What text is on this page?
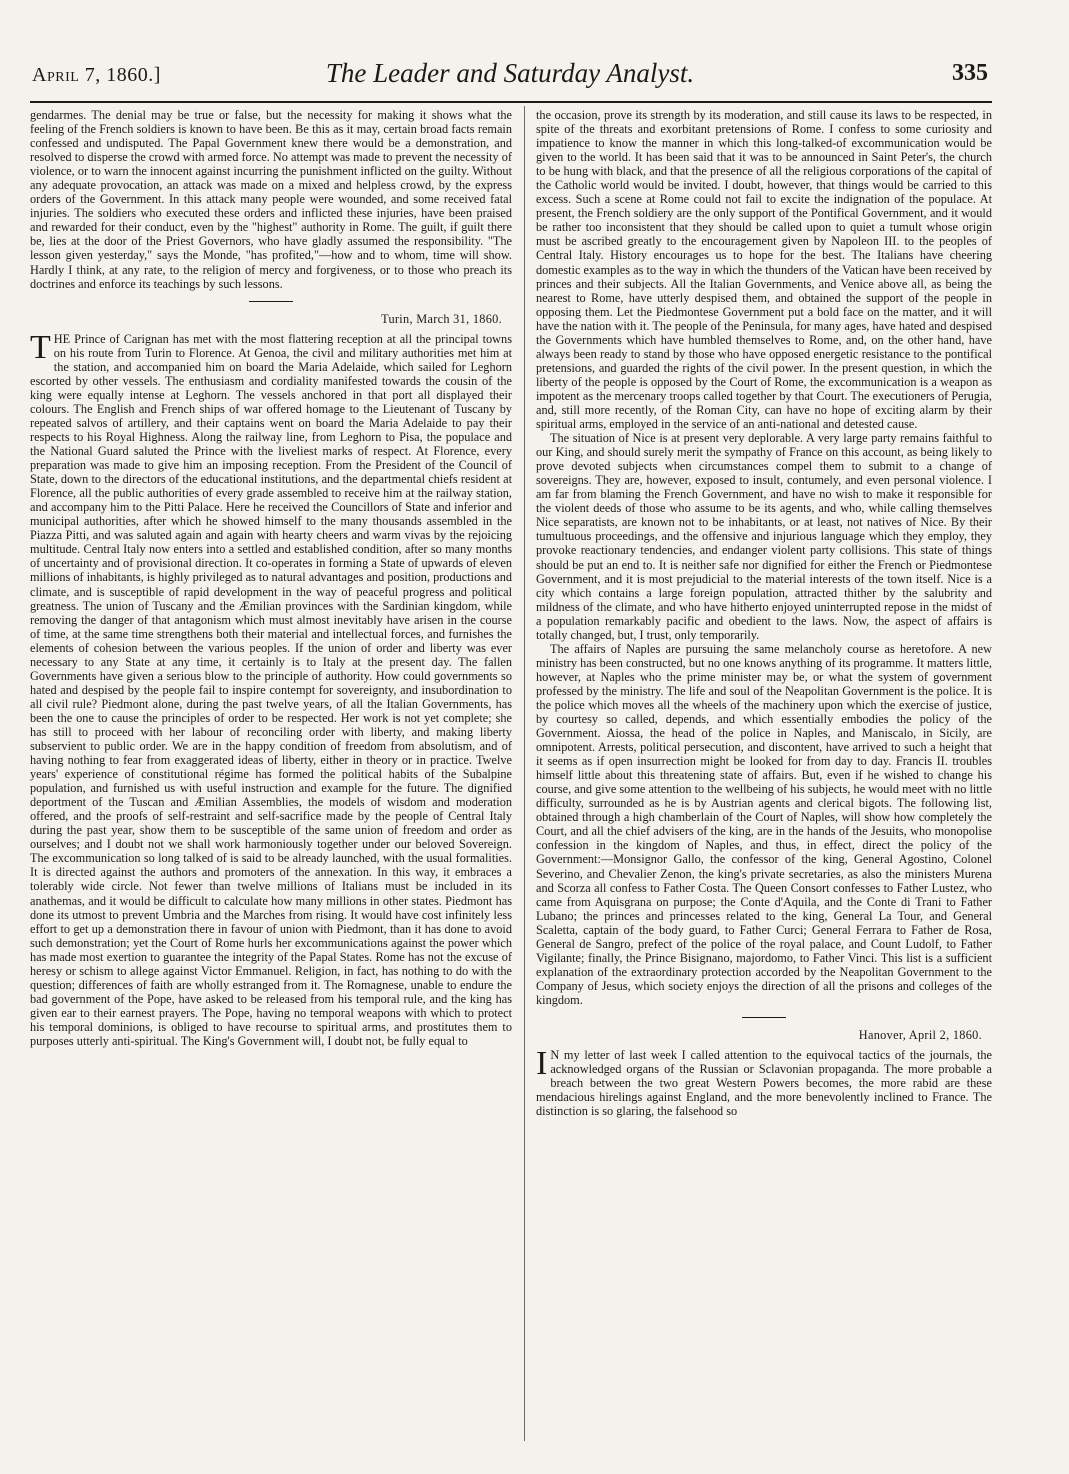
April 7, 1860.]	The Leader and Saturday Analyst.	335

gendarmes. The denial may be true or false, but the necessity for making it shows what the feeling of the French soldiers is known to have been. Be this as it may, certain broad facts remain confessed and undisputed. The Papal Government knew there would be a demonstration, and resolved to disperse the crowd with armed force. No attempt was made to prevent the necessity of violence, or to warn the innocent against incurring the punishment inflicted on the guilty. Without any adequate provocation, an attack was made on a mixed and helpless crowd, by the express orders of the Government. In this attack many people were wounded, and some received fatal injuries. The soldiers who executed these orders and inflicted these injuries, have been praised and rewarded for their conduct, even by the "highest" authority in Rome. The guilt, if guilt there be, lies at the door of the Priest Governors, who have gladly assumed the responsibility. "The lesson given yesterday," says the Monde, "has profited,"—how and to whom, time will show. Hardly I think, at any rate, to the religion of mercy and forgiveness, or to those who preach its doctrines and enforce its teachings by such lessons.

Turin, March 31, 1860.

THE Prince of Carignan has met with the most flattering reception at all the principal towns on his route from Turin to Florence. At Genoa, the civil and military authorities met him at the station, and accompanied him on board the Maria Adelaide, which sailed for Leghorn escorted by other vessels. The enthusiasm and cordiality manifested towards the cousin of the king were equally intense at Leghorn. The vessels anchored in that port all displayed their colours. The English and French ships of war offered homage to the Lieutenant of Tuscany by repeated salvos of artillery, and their captains went on board the Maria Adelaide to pay their respects to his Royal Highness. Along the railway line, from Leghorn to Pisa, the populace and the National Guard saluted the Prince with the liveliest marks of respect. At Florence, every preparation was made to give him an imposing reception. From the President of the Council of State, down to the directors of the educational institutions, and the departmental chiefs resident at Florence, all the public authorities of every grade assembled to receive him at the railway station, and accompany him to the Pitti Palace. Here he received the Councillors of State and inferior and municipal authorities, after which he showed himself to the many thousands assembled in the Piazza Pitti, and was saluted again and again with hearty cheers and warm vivas by the rejoicing multitude. Central Italy now enters into a settled and established condition, after so many months of uncertainty and of provisional direction. It co-operates in forming a State of upwards of eleven millions of inhabitants, is highly privileged as to natural advantages and position, productions and climate, and is susceptible of rapid development in the way of peaceful progress and political greatness. The union of Tuscany and the Æmilian provinces with the Sardinian kingdom, while removing the danger of that antagonism which must almost inevitably have arisen in the course of time, at the same time strengthens both their material and intellectual forces, and furnishes the elements of cohesion between the various peoples. If the union of order and liberty was ever necessary to any State at any time, it certainly is to Italy at the present day. The fallen Governments have given a serious blow to the principle of authority. How could governments so hated and despised by the people fail to inspire contempt for sovereignty, and insubordination to all civil rule? Piedmont alone, during the past twelve years, of all the Italian Governments, has been the one to cause the principles of order to be respected. Her work is not yet complete; she has still to proceed with her labour of reconciling order with liberty, and making liberty subservient to public order. We are in the happy condition of freedom from absolutism, and of having nothing to fear from exaggerated ideas of liberty, either in theory or in practice. Twelve years' experience of constitutional régime has formed the political habits of the Subalpine population, and furnished us with useful instruction and example for the future. The dignified deportment of the Tuscan and Æmilian Assemblies, the models of wisdom and moderation offered, and the proofs of self-restraint and self-sacrifice made by the people of Central Italy during the past year, show them to be susceptible of the same union of freedom and order as ourselves; and I doubt not we shall work harmoniously together under our beloved Sovereign. The excommunication so long talked of is said to be already launched, with the usual formalities. It is directed against the authors and promoters of the annexation. In this way, it embraces a tolerably wide circle. Not fewer than twelve millions of Italians must be included in its anathemas, and it would be difficult to calculate how many millions in other states. Piedmont has done its utmost to prevent Umbria and the Marches from rising. It would have cost infinitely less effort to get up a demonstration there in favour of union with Piedmont, than it has done to avoid such demonstration; yet the Court of Rome hurls her excommunications against the power which has made most exertion to guarantee the integrity of the Papal States. Rome has not the excuse of heresy or schism to allege against Victor Emmanuel. Religion, in fact, has nothing to do with the question; differences of faith are wholly estranged from it. The Romagnese, unable to endure the bad government of the Pope, have asked to be released from his temporal rule, and the king has given ear to their earnest prayers. The Pope, having no temporal weapons with which to protect his temporal dominions, is obliged to have recourse to spiritual arms, and prostitutes them to purposes utterly anti-spiritual. The King's Government will, I doubt not, be fully equal to

the occasion, prove its strength by its moderation, and still cause its laws to be respected, in spite of the threats and exorbitant pretensions of Rome. I confess to some curiosity and impatience to know the manner in which this long-talked-of excommunication would be given to the world. It has been said that it was to be announced in Saint Peter's, the church to be hung with black, and that the presence of all the religious corporations of the capital of the Catholic world would be invited. I doubt, however, that things would be carried to this excess. Such a scene at Rome could not fail to excite the indignation of the populace. At present, the French soldiery are the only support of the Pontifical Government, and it would be rather too inconsistent that they should be called upon to quiet a tumult whose origin must be ascribed greatly to the encouragement given by Napoleon III. to the peoples of Central Italy. History encourages us to hope for the best. The Italians have cheering domestic examples as to the way in which the thunders of the Vatican have been received by princes and their subjects. All the Italian Governments, and Venice above all, as being the nearest to Rome, have utterly despised them, and obtained the support of the people in opposing them. Let the Piedmontese Government put a bold face on the matter, and it will have the nation with it. The people of the Peninsula, for many ages, have hated and despised the Governments which have humbled themselves to Rome, and, on the other hand, have always been ready to stand by those who have opposed energetic resistance to the pontifical pretensions, and guarded the rights of the civil power. In the present question, in which the liberty of the people is opposed by the Court of Rome, the excommunication is a weapon as impotent as the mercenary troops called together by that Court. The executioners of Perugia, and, still more recently, of the Roman City, can have no hope of exciting alarm by their spiritual arms, employed in the service of an anti-national and detested cause.

The situation of Nice is at present very deplorable. A very large party remains faithful to our King, and should surely merit the sympathy of France on this account, as being likely to prove devoted subjects when circumstances compel them to submit to a change of sovereigns. They are, however, exposed to insult, contumely, and even personal violence. I am far from blaming the French Government, and have no wish to make it responsible for the violent deeds of those who assume to be its agents, and who, while calling themselves Nice separatists, are known not to be inhabitants, or at least, not natives of Nice. By their tumultuous proceedings, and the offensive and injurious language which they employ, they provoke reactionary tendencies, and endanger violent party collisions. This state of things should be put an end to. It is neither safe nor dignified for either the French or Piedmontese Government, and it is most prejudicial to the material interests of the town itself. Nice is a city which contains a large foreign population, attracted thither by the salubrity and mildness of the climate, and who have hitherto enjoyed uninterrupted repose in the midst of a population remarkably pacific and obedient to the laws. Now, the aspect of affairs is totally changed, but, I trust, only temporarily.

The affairs of Naples are pursuing the same melancholy course as heretofore. A new ministry has been constructed, but no one knows anything of its programme. It matters little, however, at Naples who the prime minister may be, or what the system of government professed by the ministry. The life and soul of the Neapolitan Government is the police. It is the police which moves all the wheels of the machinery upon which the exercise of justice, by courtesy so called, depends, and which essentially embodies the policy of the Government. Aiossa, the head of the police in Naples, and Maniscalo, in Sicily, are omnipotent. Arrests, political persecution, and discontent, have arrived to such a height that it seems as if open insurrection might be looked for from day to day. Francis II. troubles himself little about this threatening state of affairs. But, even if he wished to change his course, and give some attention to the wellbeing of his subjects, he would meet with no little difficulty, surrounded as he is by Austrian agents and clerical bigots. The following list, obtained through a high chamberlain of the Court of Naples, will show how completely the Court, and all the chief advisers of the king, are in the hands of the Jesuits, who monopolise confession in the kingdom of Naples, and thus, in effect, direct the policy of the Government:—Monsignor Gallo, the confessor of the king, General Agostino, Colonel Severino, and Chevalier Zenon, the king's private secretaries, as also the ministers Murena and Scorza all confess to Father Costa. The Queen Consort confesses to Father Lustez, who came from Aquisgrana on purpose; the Conte d'Aquila, and the Conte di Trani to Father Lubano; the princes and princesses related to the king, General La Tour, and General Scaletta, captain of the body guard, to Father Curci; General Ferrara to Father de Rosa, General de Sangro, prefect of the police of the royal palace, and Count Ludolf, to Father Vigilante; finally, the Prince Bisignano, majordomo, to Father Vinci. This list is a sufficient explanation of the extraordinary protection accorded by the Neapolitan Government to the Company of Jesus, which society enjoys the direction of all the prisons and colleges of the kingdom.

Hanover, April 2, 1860.

I N my letter of last week I called attention to the equivocal tactics of the journals, the acknowledged organs of the Russian or Sclavonian propaganda. The more probable a breach between the two great Western Powers becomes, the more rabid are these mendacious hirelings against England, and the more benevolently inclined to France. The distinction is so glaring, the falsehood so
